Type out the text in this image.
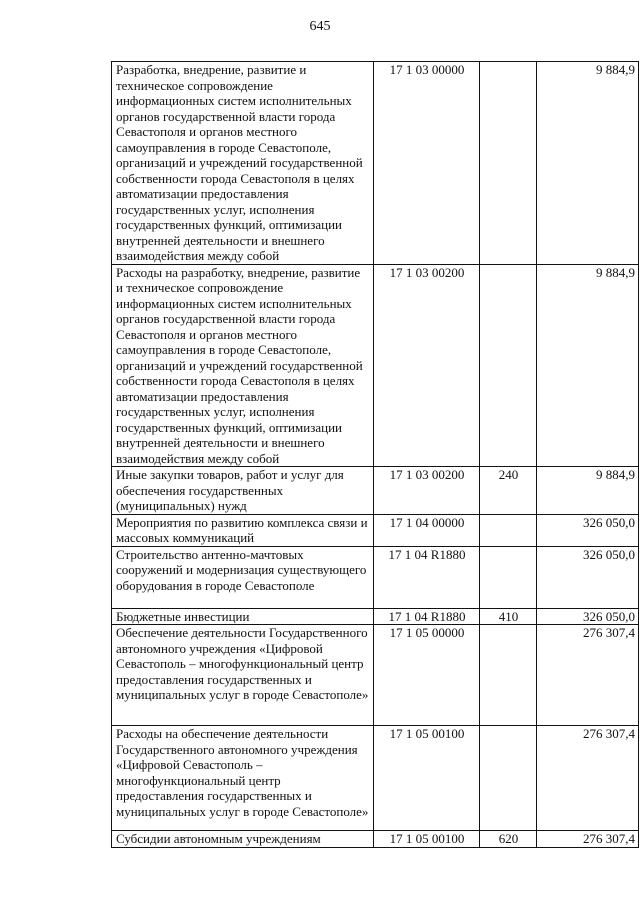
645
Разработка, внедрение, развитие и техническое сопровождение информационных систем исполнительных органов государственной власти города Севастополя и органов местного самоуправления в городе Севастополе, организаций и учреждений государственной собственности города Севастополя в целях автоматизации предоставления государственных услуг, исполнения государственных функций, оптимизации внутренней деятельности и внешнего взаимодействия между собой	17 1 03 00000		9 884,9
Расходы на разработку, внедрение, развитие и техническое сопровождение информационных систем исполнительных органов государственной власти города Севастополя и органов местного самоуправления в городе Севастополе, организаций и учреждений государственной собственности города Севастополя в целях автоматизации предоставления государственных услуг, исполнения государственных функций, оптимизации внутренней деятельности и внешнего взаимодействия между собой	17 1 03 00200		9 884,9
Иные закупки товаров, работ и услуг для обеспечения государственных (муниципальных) нужд	17 1 03 00200	240	9 884,9
Мероприятия по развитию комплекса связи и массовых коммуникаций	17 1 04 00000		326 050,0
Строительство антенно-мачтовых сооружений и модернизация существующего оборудования в городе Севастополе	17 1 04 R1880		326 050,0
Бюджетные инвестиции	17 1 04 R1880	410	326 050,0
Обеспечение деятельности Государственного автономного учреждения «Цифровой Севастополь – многофункциональный центр предоставления государственных и муниципальных услуг в городе Севастополе»	17 1 05 00000		276 307,4
Расходы на обеспечение деятельности Государственного автономного учреждения «Цифровой Севастополь – многофункциональный центр предоставления государственных и муниципальных услуг в городе Севастополе»	17 1 05 00100		276 307,4
Субсидии автономным учреждениям	17 1 05 00100	620	276 307,4
